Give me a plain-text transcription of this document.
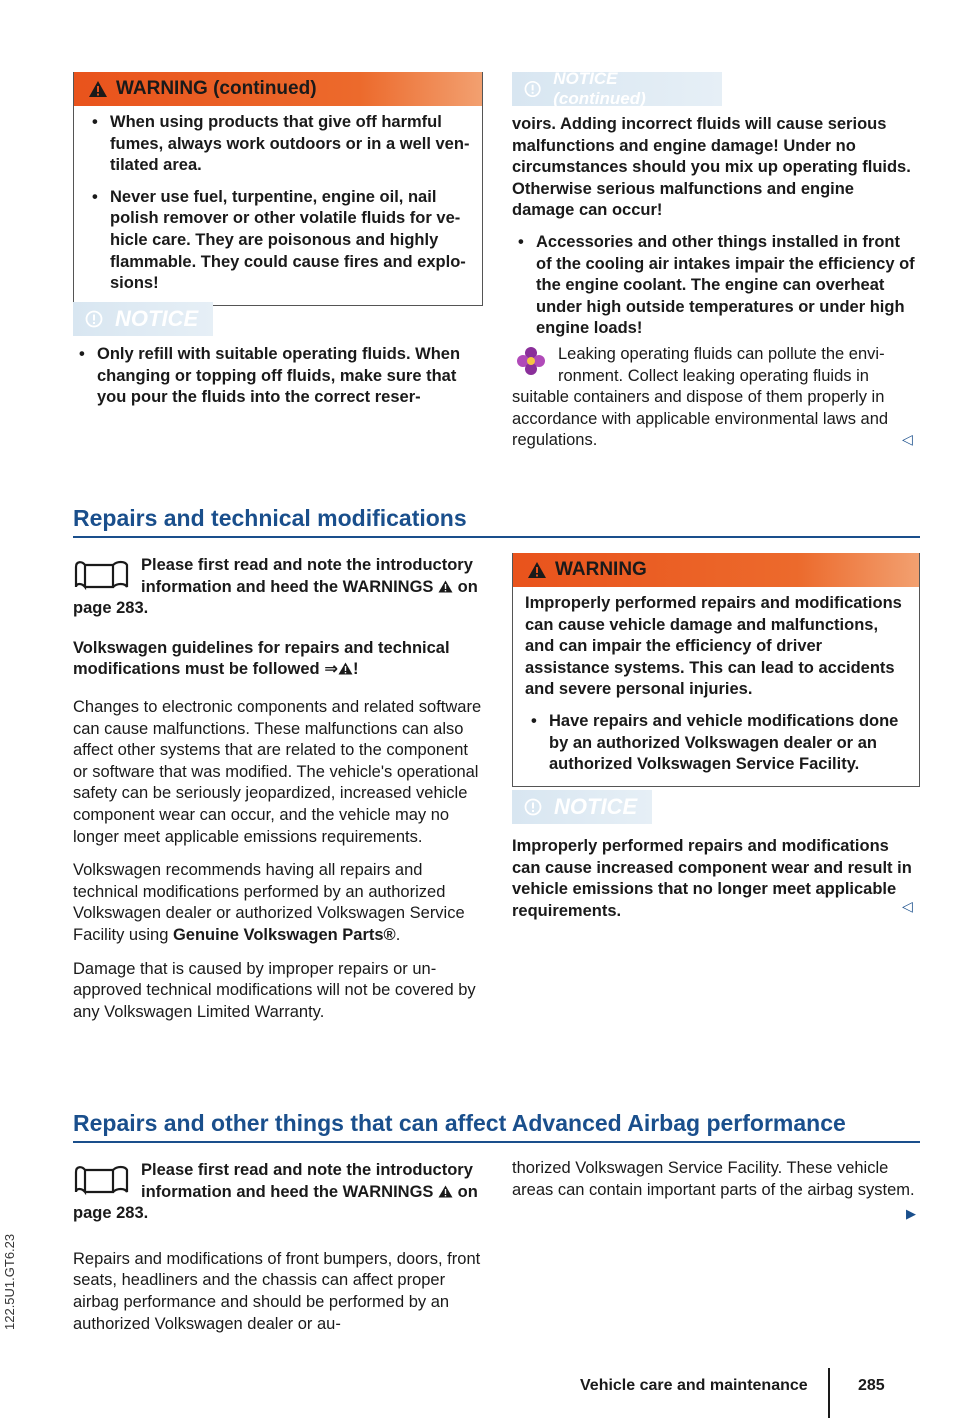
WARNING (continued)

• When using products that give off harmful fumes, always work outdoors or in a well ventilated area.

• Never use fuel, turpentine, engine oil, nail polish remover or other volatile fluids for vehicle care. They are poisonous and highly flammable. They could cause fires and explosions!

NOTICE

• Only refill with suitable operating fluids. When changing or topping off fluids, make sure that you pour the fluids into the correct reser-

NOTICE (continued)

voirs. Adding incorrect fluids will cause serious malfunctions and engine damage! Under no circumstances should you mix up operating fluids. Otherwise serious malfunctions and engine damage can occur!

• Accessories and other things installed in front of the cooling air intakes impair the efficiency of the engine coolant. The engine can overheat under high outside temperatures or under high engine loads!

Leaking operating fluids can pollute the environment. Collect leaking operating fluids in suitable containers and dispose of them properly in accordance with applicable environmental laws and regulations.	◁
Repairs and technical modifications

Please first read and note the introductory information and heed the WARNINGS on page 283.

Volkswagen guidelines for repairs and technical modifications must be followed ⇒ !

Changes to electronic components and related software can cause malfunctions. These malfunctions can also affect other systems that are related to the component or software that was modified. The vehicle's operational safety can be seriously jeopardized, increased vehicle component wear can occur, and the vehicle may no longer meet applicable emissions requirements.

Volkswagen recommends having all repairs and technical modifications performed by an authorized Volkswagen dealer or authorized Volkswagen Service Facility using Genuine Volkswagen Parts®.

Damage that is caused by improper repairs or unapproved technical modifications will not be covered by any Volkswagen Limited Warranty.

WARNING

Improperly performed repairs and modifications can cause vehicle damage and malfunctions, and can impair the efficiency of driver assistance systems. This can lead to accidents and severe personal injuries.

• Have repairs and vehicle modifications done by an authorized Volkswagen dealer or an authorized Volkswagen Service Facility.

NOTICE

Improperly performed repairs and modifications can cause increased component wear and result in vehicle emissions that no longer meet applicable requirements.	◁
Repairs and other things that can affect Advanced Airbag performance

Please first read and note the introductory information and heed the WARNINGS on page 283.

Repairs and modifications of front bumpers, doors, front seats, headliners and the chassis can affect proper airbag performance and should be performed by an authorized Volkswagen dealer or au-

thorized Volkswagen Service Facility. These vehicle areas can contain important parts of the airbag system.

▶
Vehicle care and maintenance	285
122.5U1.GT6.23
